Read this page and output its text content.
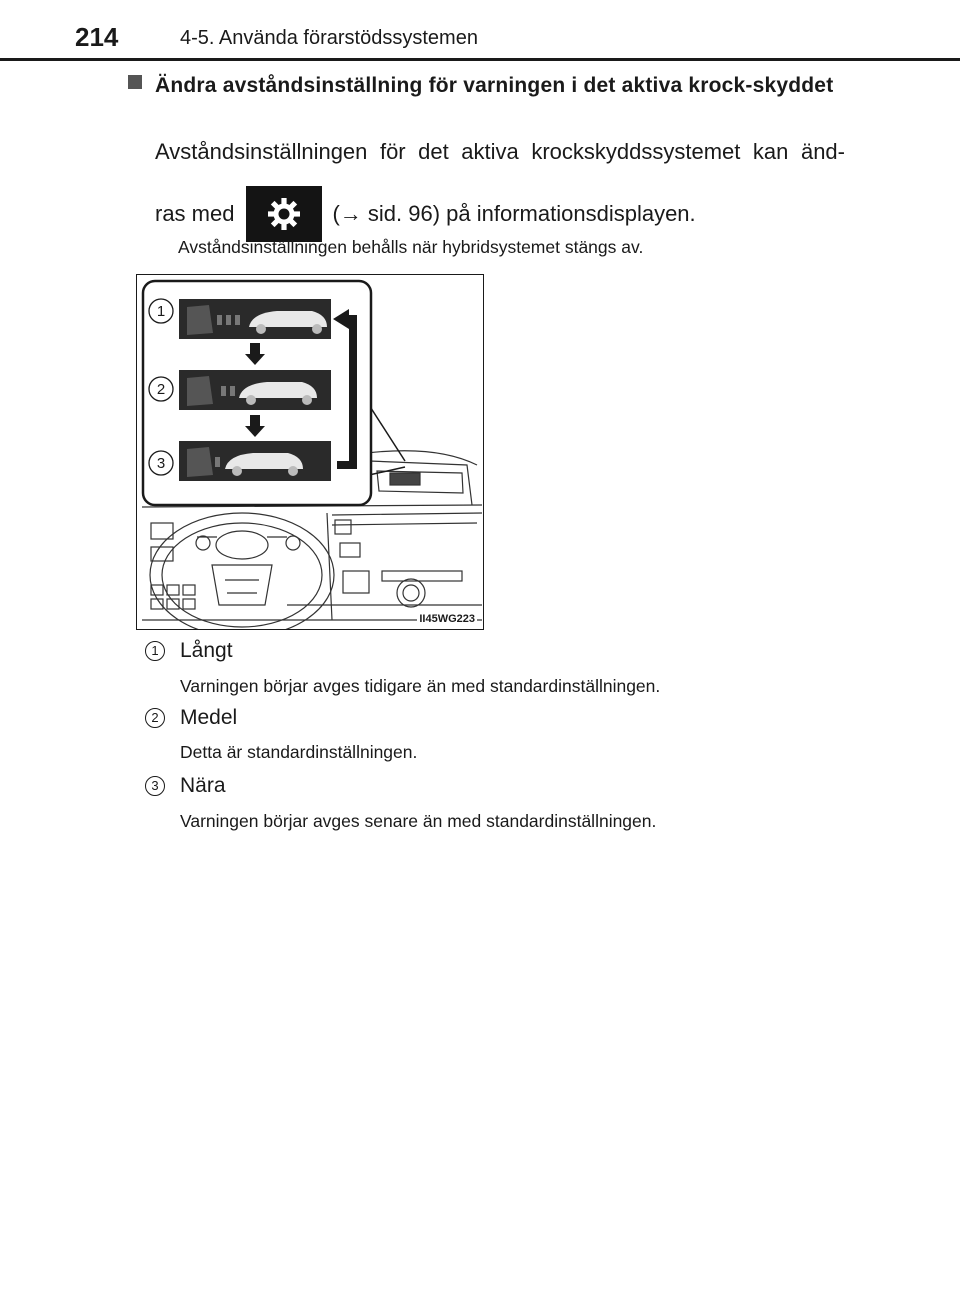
214	4-5. Använda förarstödssystemen
Ändra avståndsinställning för varningen i det aktiva krock-skyddet
Avståndsinställningen för det aktiva krockskyddssystemet kan änd-
ras med	(→ sid. 96) på informationsdisplayen.
Avståndsinställningen behålls när hybridsystemet stängs av.
1
2
3
II45WG223
1	Långt
Varningen börjar avges tidigare än med standardinställningen.
2	Medel
Detta är standardinställningen.
3	Nära
Varningen börjar avges senare än med standardinställningen.
